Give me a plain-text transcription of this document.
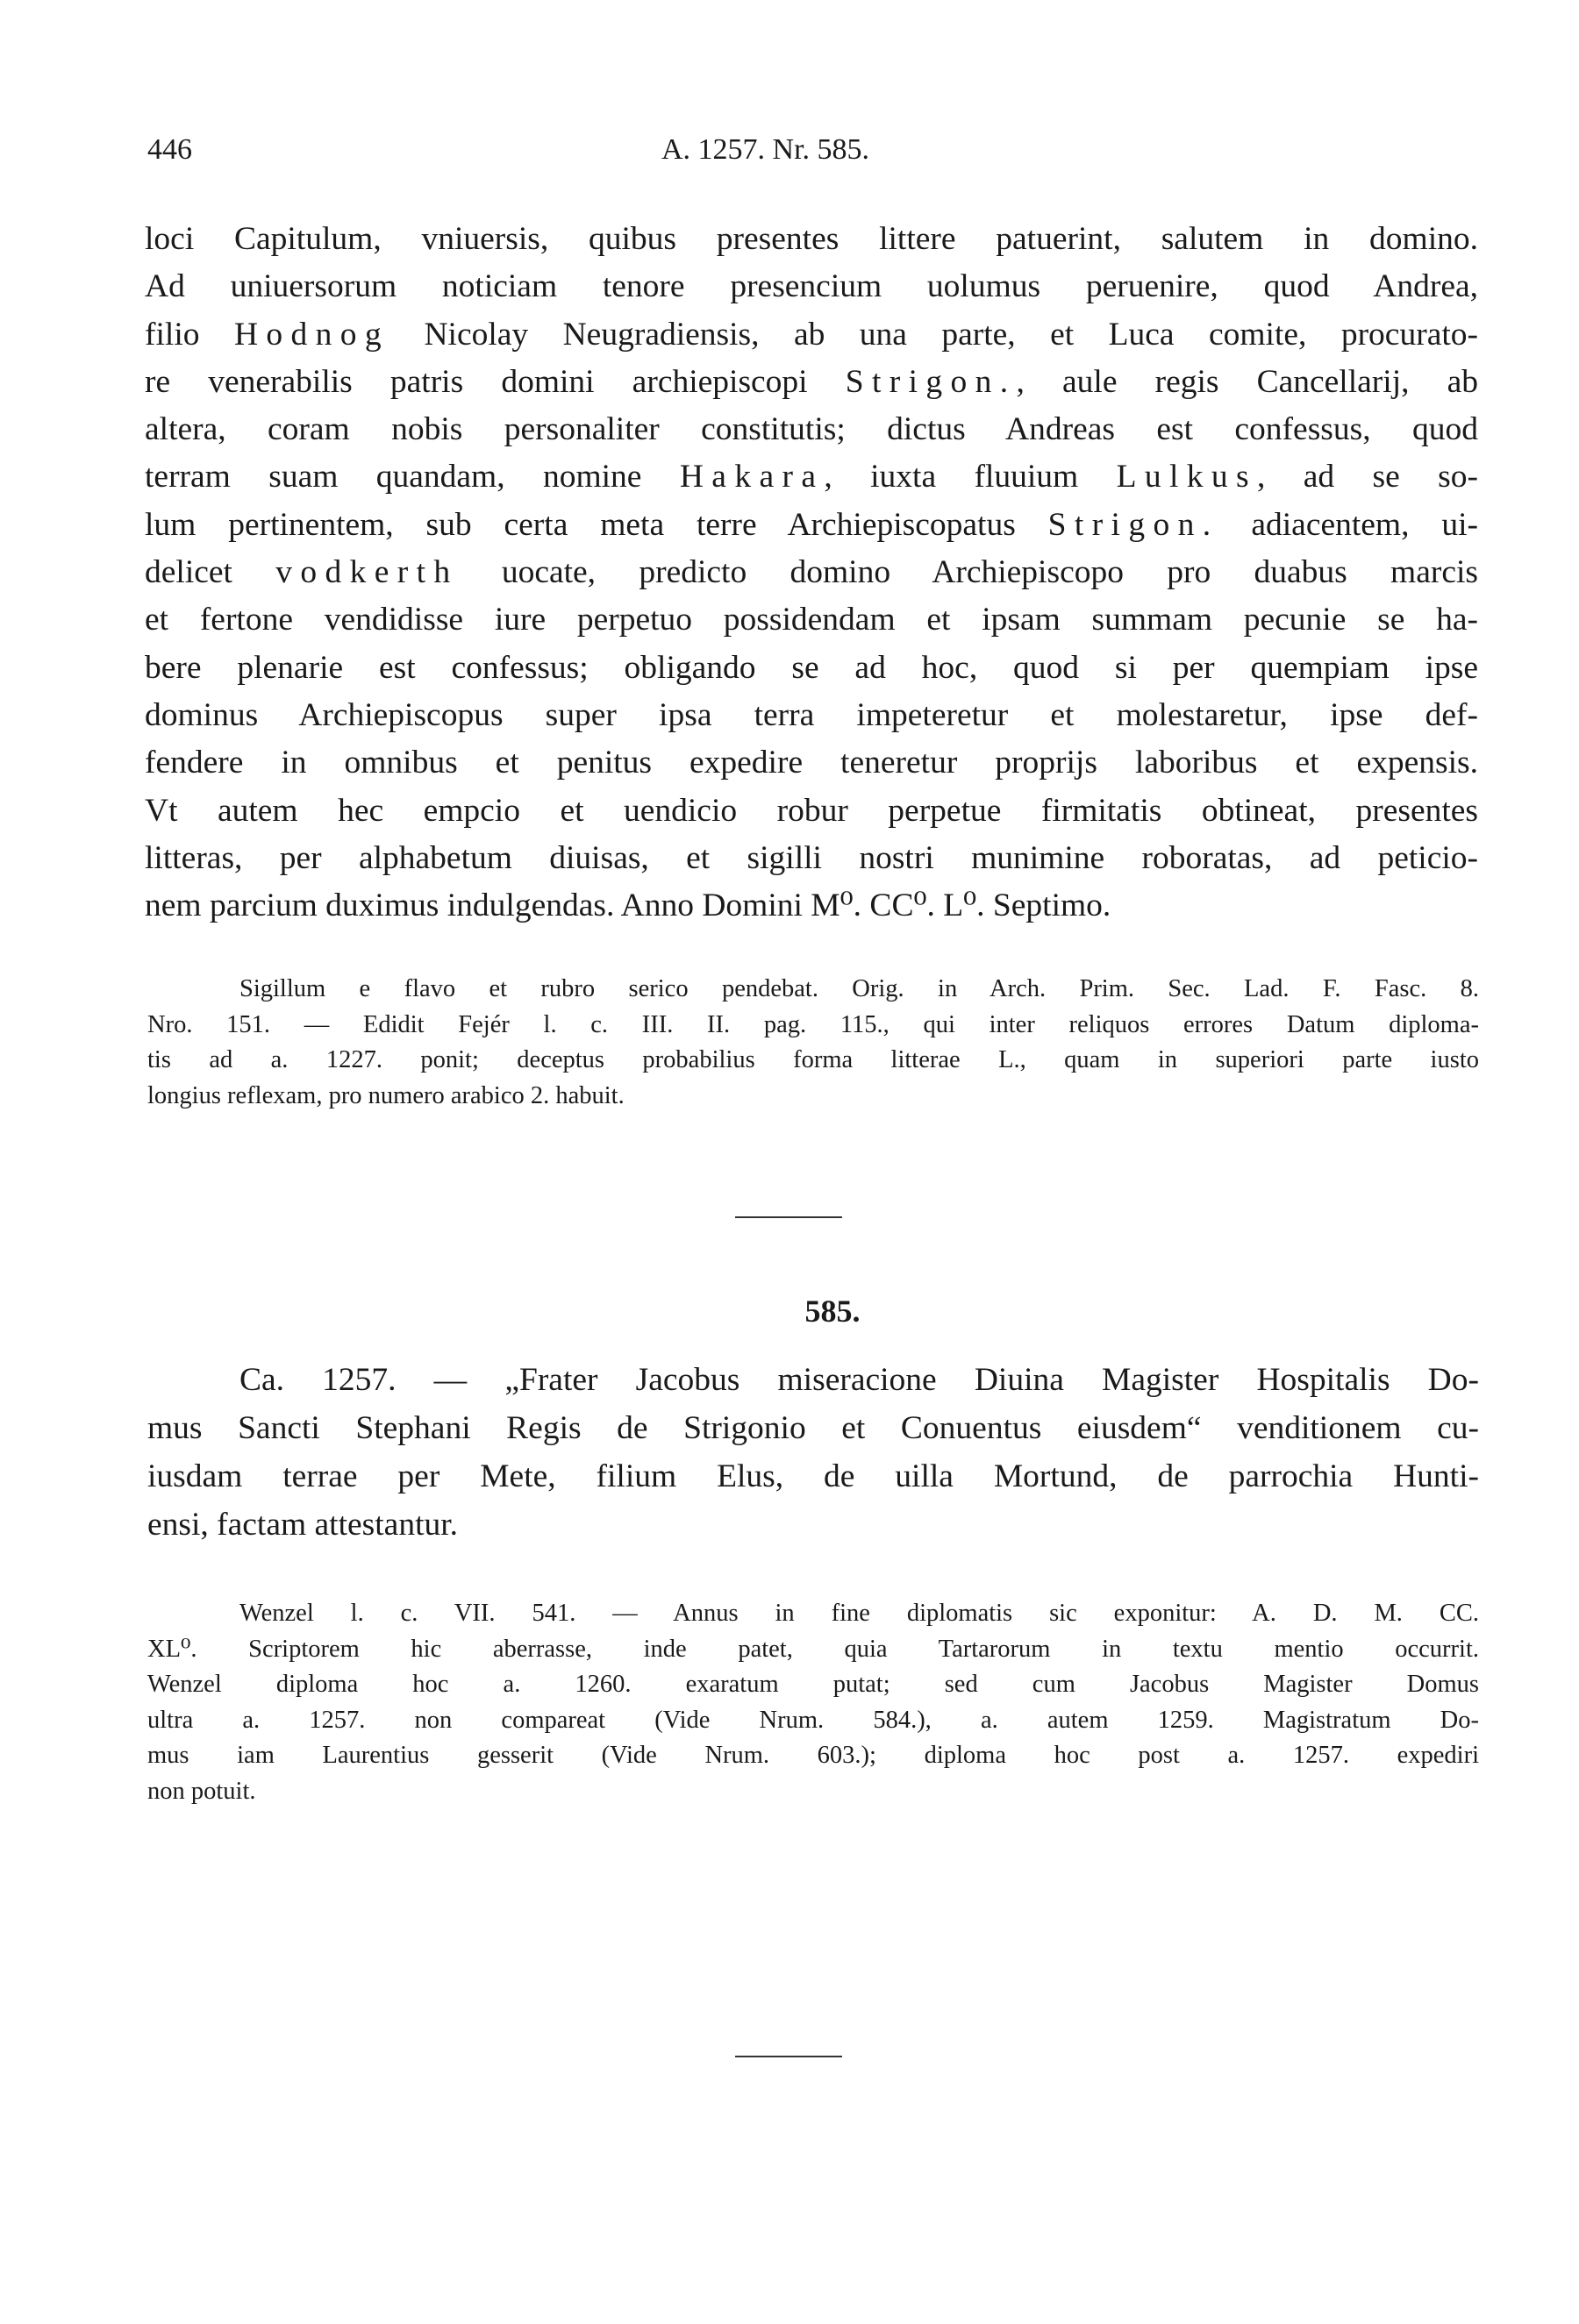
446	A. 1257. Nr. 585.
loci Capitulum, vniuersis, quibus presentes littere patuerint, salutem in domino.
Ad uniuersorum noticiam tenore presencium uolumus peruenire, quod Andrea,
filio Hodnog Nicolay Neugradiensis, ab una parte, et Luca comite, procurato-
re venerabilis patris domini archiepiscopi Strigon., aule regis Cancellarij, ab
altera, coram nobis personaliter constitutis; dictus Andreas est confessus, quod
terram suam quandam, nomine Hakara, iuxta fluuium Lulkus, ad se so-
lum pertinentem, sub certa meta terre Archiepiscopatus Strigon. adiacentem, ui-
delicet vodkerth uocate, predicto domino Archiepiscopo pro duabus marcis
et fertone vendidisse iure perpetuo possidendam et ipsam summam pecunie se ha-
bere plenarie est confessus; obligando se ad hoc, quod si per quempiam ipse
dominus Archiepiscopus super ipsa terra impeteretur et molestaretur, ipse def-
fendere in omnibus et penitus expedire teneretur proprijs laboribus et expensis.
Vt autem hec empcio et uendicio robur perpetue firmitatis obtineat, presentes
litteras, per alphabetum diuisas, et sigilli nostri munimine roboratas, ad peticio-
nem parcium duximus indulgendas. Anno Domini M⁰. CC⁰. L⁰. Septimo.
Sigillum e flavo et rubro serico pendebat. Orig. in Arch. Prim. Sec. Lad. F. Fasc. 8.
Nro. 151. — Edidit Fejér l. c. III. II. pag. 115., qui inter reliquos errores Datum diploma-
tis ad a. 1227. ponit; deceptus probabilius forma litterae L., quam in superiori parte iusto
longius reflexam, pro numero arabico 2. habuit.
585.
Ca. 1257. — „Frater Jacobus miseracione Diuina Magister Hospitalis Do-
mus Sancti Stephani Regis de Strigonio et Conuentus eiusdem“ venditionem cu-
iusdam terrae per Mete, filium Elus, de uilla Mortund, de parrochia Hunti-
ensi, factam attestantur.
Wenzel l. c. VII. 541. — Annus in fine diplomatis sic exponitur: A. D. M. CC.
XL⁰. Scriptorem hic aberrasse, inde patet, quia Tartarorum in textu mentio occurrit.
Wenzel diploma hoc a. 1260. exaratum putat; sed cum Jacobus Magister Domus
ultra a. 1257. non compareat (Vide Nrum. 584.), a. autem 1259. Magistratum Do-
mus iam Laurentius gesserit (Vide Nrum. 603.); diploma hoc post a. 1257. expediri
non potuit.
